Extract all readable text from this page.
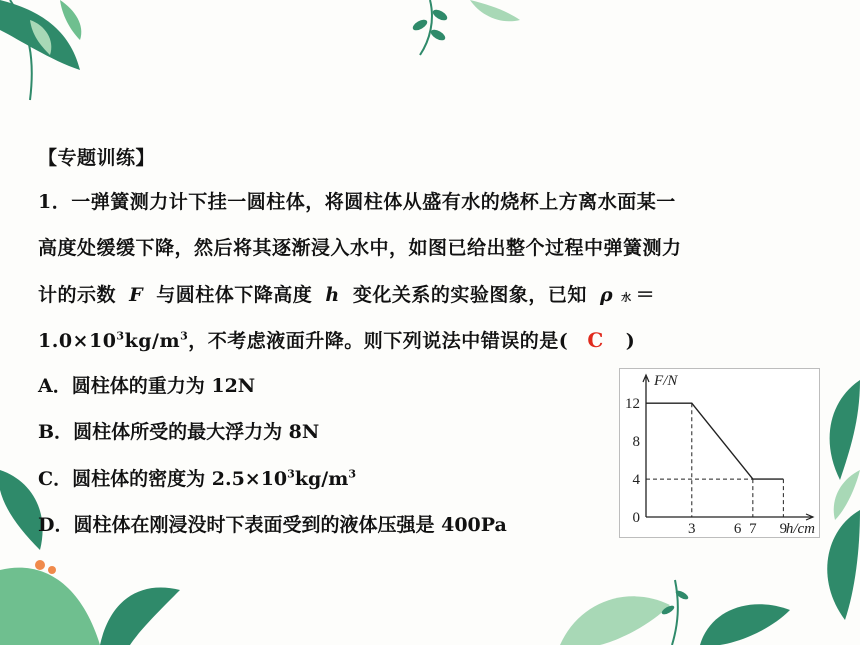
【专题训练】
1．一弹簧测力计下挂一圆柱体，将圆柱体从盛有水的烧杯上方离水面某一
高度处缓缓下降，然后将其逐渐浸入水中，如图已给出整个过程中弹簧测力
计的示数 F 与圆柱体下降高度 h 变化关系的实验图象，已知 ρ 水 ＝
$1.0\times 10^3kg/m^3$，不考虑液面升降。则下列说法中错误的是( C )
A．圆柱体的重力为 12N
B．圆柱体所受的最大浮力为 8N
C．圆柱体的密度为 $2.5\times 10^3kg/m^3$
D．圆柱体在刚浸没时下表面受到的液体压强是 400Pa
12
8
4
0
3	6 7 9
F/N
h/cm
